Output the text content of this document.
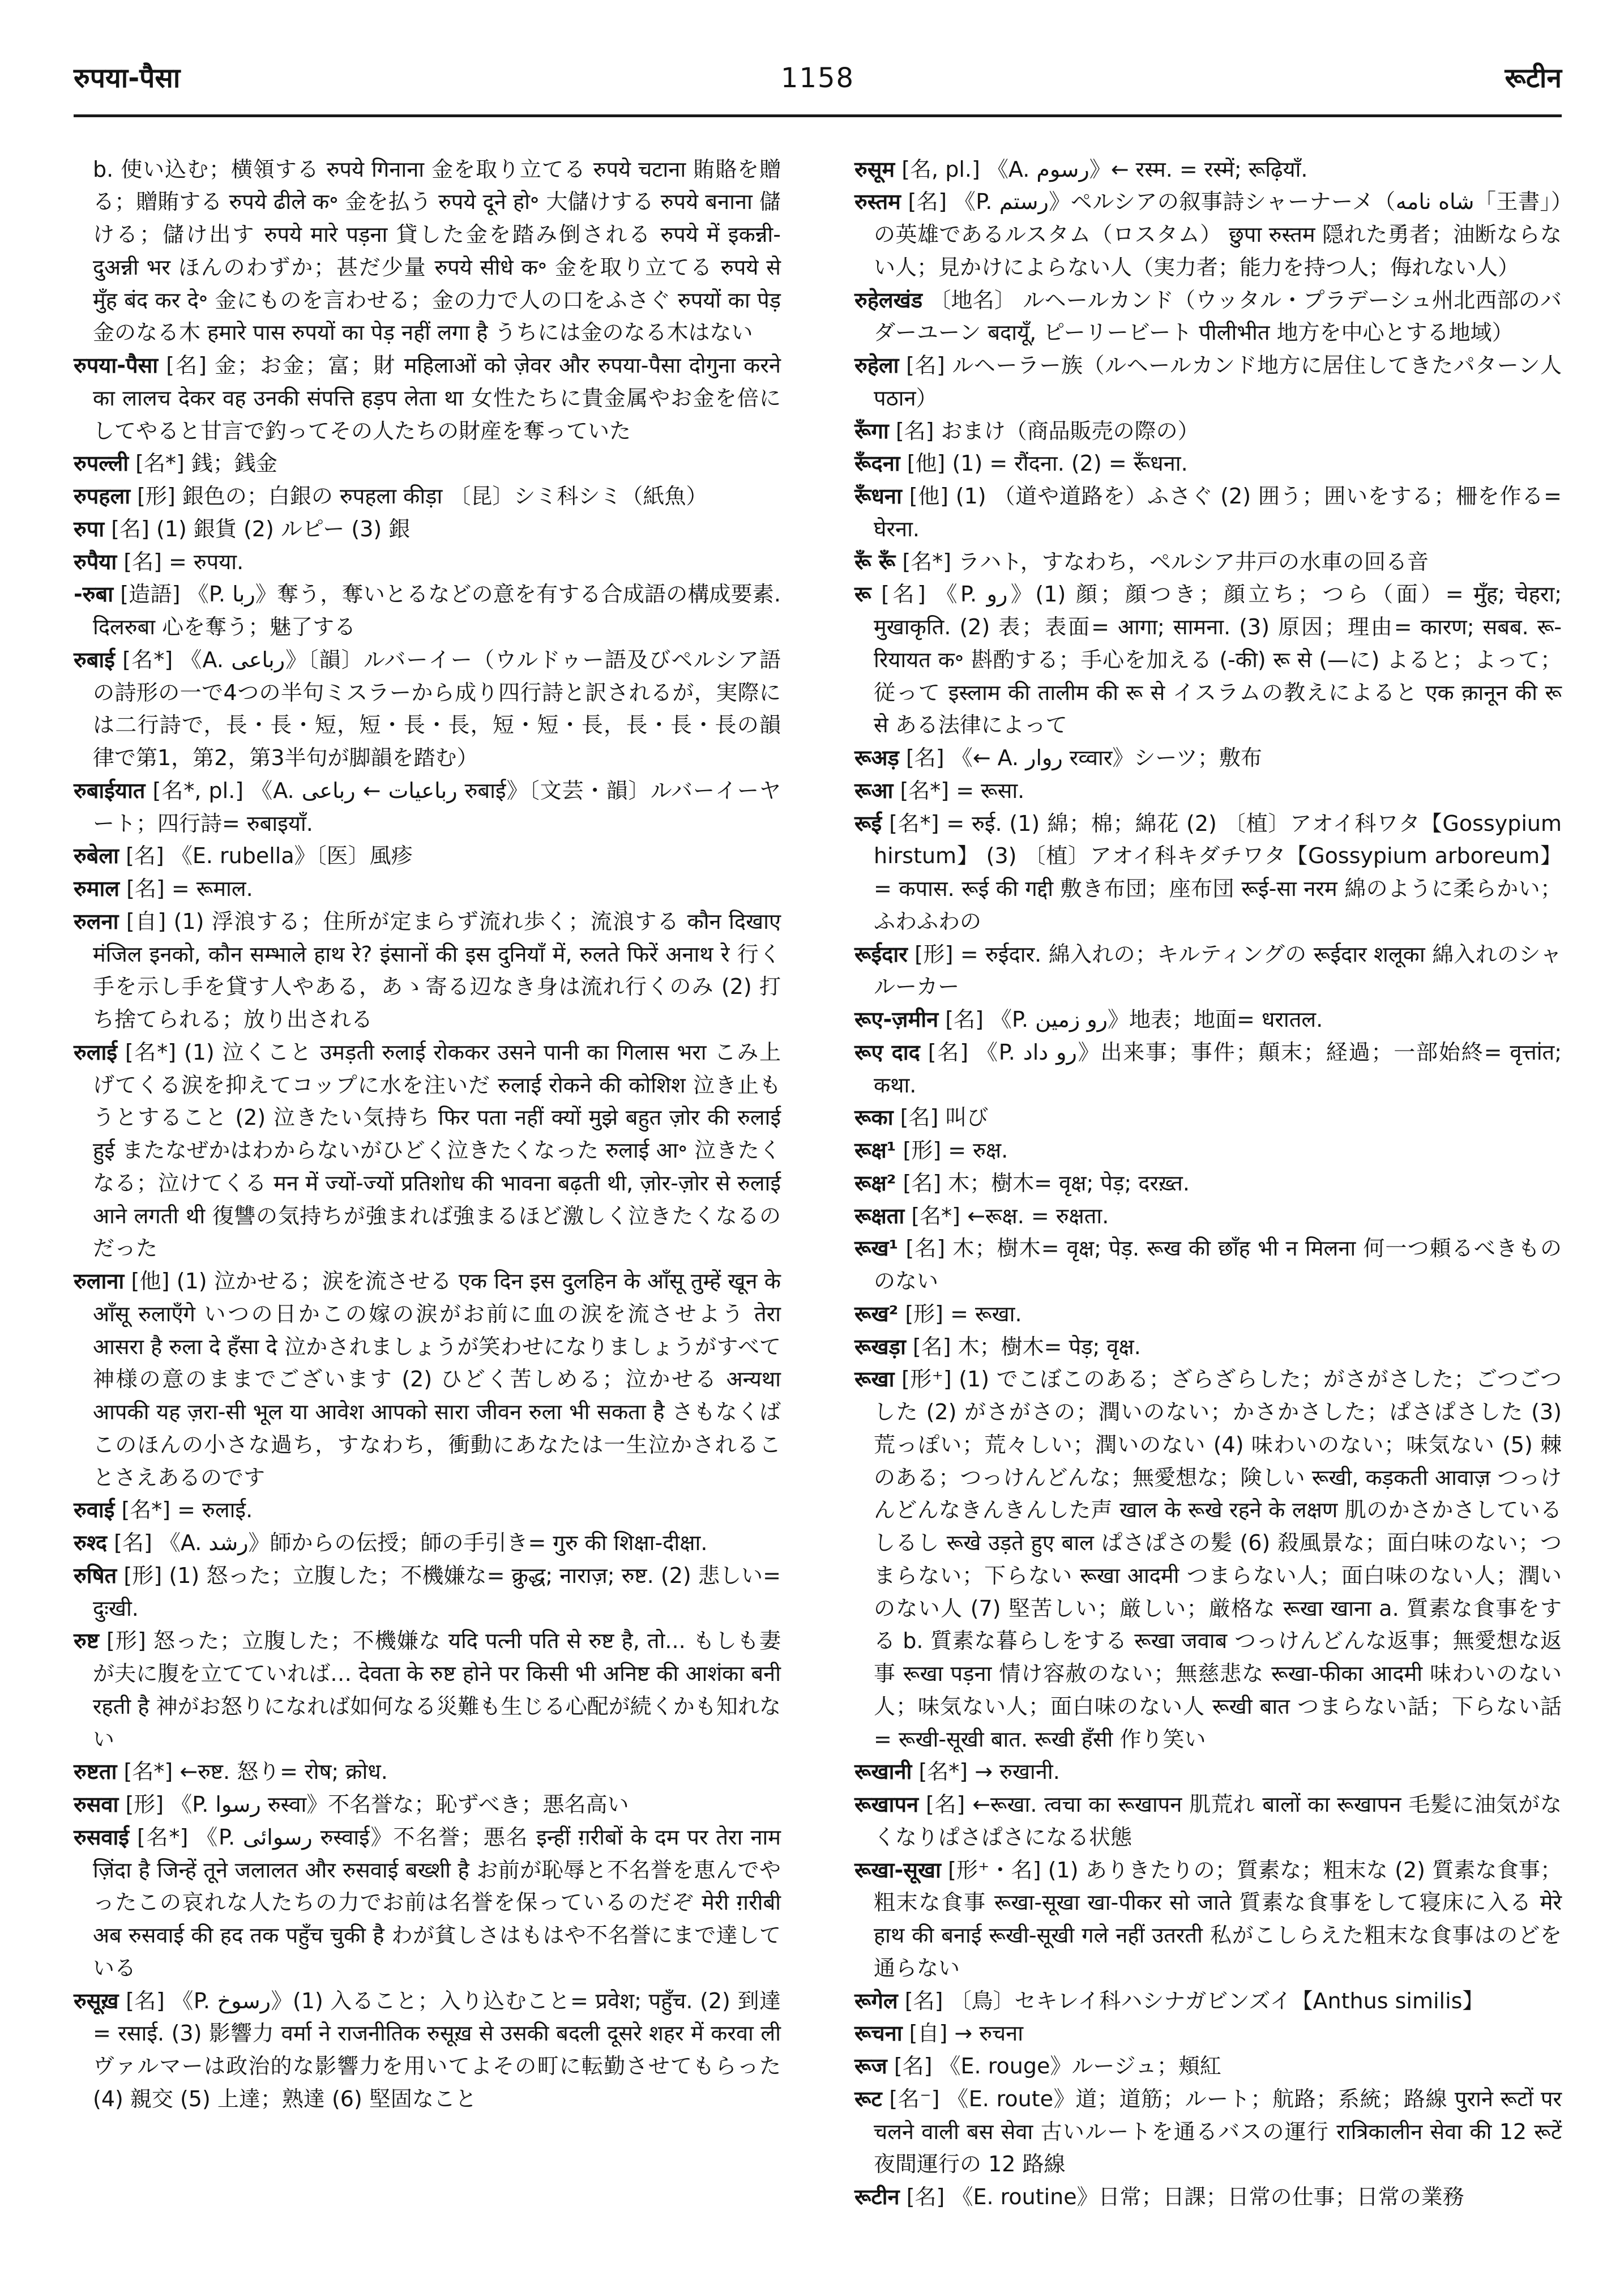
रुपया-पैसा	1158	रूटीन

b. 使い込む；横領する रुपये गिनाना 金を取り立てる रुपये चटाना 賄賂を贈る；贈賄する रुपये ढीले क॰ 金を払う रुपये दूने हो॰ 大儲けする रुपये बनाना 儲ける；儲け出す रुपये मारे पड़ना 貸した金を踏み倒される रुपये में इकन्नी-दुअन्नी भर ほんのわずか；甚だ少量 रुपये सीधे क॰ 金を取り立てる रुपये से मुँह बंद कर दे॰ 金にものを言わせる；金の力で人の口をふさぐ रुपयों का पेड़ 金のなる木 हमारे पास रुपयों का पेड़ नहीं लगा है うちには金のなる木はない

रुपया-पैसा [名] 金；お金；富；財 महिलाओं को ज़ेवर और रुपया-पैसा दोगुना करने का लालच देकर वह उनकी संपत्ति हड़प लेता था 女性たちに貴金属やお金を倍にしてやると甘言で釣ってその人たちの財産を奪っていた

रुपल्ली [名*] 銭；銭金

रुपहला [形] 銀色の；白銀の रुपहला कीड़ा 〔昆〕シミ科シミ（紙魚）

रुपा [名] (1) 銀貨 (2) ルピー (3) 銀

रुपैया [名] = रुपया.

-रुबा [造語] 《P. ربا》奪う，奪いとるなどの意を有する合成語の構成要素. दिलरुबा 心を奪う；魅了する

रुबाई [名*] 《A. رباعى》〔韻〕ルバーイー（ウルドゥー語及びペルシア語の詩形の一で4つの半句ミスラーから成り四行詩と訳されるが，実際には二行詩で，長・長・短，短・長・長，短・短・長，長・長・長の韻律で第1，第2，第3半句が脚韻を踏む）

रुबाईयात [名*, pl.] 《A. رباعيات ← رباعى रुबाई》〔文芸・韻〕ルバーイーヤート；四行詩= रुबाइयाँ.

रुबेला [名] 《E. rubella》〔医〕風疹

रुमाल [名] = रूमाल.

रुलना [自] (1) 浮浪する；住所が定まらず流れ歩く；流浪する कौन दिखाए मंजिल इनको, कौन सम्भाले हाथ रे? इंसानों की इस दुनियाँ में, रुलते फिरें अनाथ रे 行く手を示し手を貸す人やある，あゝ寄る辺なき身は流れ行くのみ (2) 打ち捨てられる；放り出される

रुलाई [名*] (1) 泣くこと उमड़ती रुलाई रोककर उसने पानी का गिलास भरा こみ上げてくる涙を抑えてコップに水を注いだ रुलाई रोकने की कोशिश 泣き止もうとすること (2) 泣きたい気持ち फिर पता नहीं क्यों मुझे बहुत ज़ोर की रुलाई हुई またなぜかはわからないがひどく泣きたくなった रुलाई आ॰ 泣きたくなる；泣けてくる मन में ज्यों-ज्यों प्रतिशोध की भावना बढ़ती थी, ज़ोर-ज़ोर से रुलाई आने लगती थी 復讐の気持ちが強まれば強まるほど激しく泣きたくなるのだった

रुलाना [他] (1) 泣かせる；涙を流させる एक दिन इस दुलहिन के आँसू तुम्हें खून के आँसू रुलाएँगे いつの日かこの嫁の涙がお前に血の涙を流させよう तेरा आसरा है रुला दे हँसा दे 泣かされましょうが笑わせになりましょうがすべて神様の意のままでございます (2) ひどく苦しめる；泣かせる अन्यथा आपकी यह ज़रा-सी भूल या आवेश आपको सारा जीवन रुला भी सकता है さもなくばこのほんの小さな過ち，すなわち，衝動にあなたは一生泣かされることさえあるのです

रुवाई [名*] = रुलाई.

रुश्द [名] 《A. رشد》師からの伝授；師の手引き= गुरु की शिक्षा-दीक्षा.

रुषित [形] (1) 怒った；立腹した；不機嫌な= क्रुद्ध; नाराज़; रुष्ट. (2) 悲しい= दुःखी.

रुष्ट [形] 怒った；立腹した；不機嫌な यदि पत्नी पति से रुष्ट है, तो... もしも妻が夫に腹を立てていれば… देवता के रुष्ट होने पर किसी भी अनिष्ट की आशंका बनी रहती है 神がお怒りになれば如何なる災難も生じる心配が続くかも知れない

रुष्टता [名*] ←रुष्ट. 怒り= रोष; क्रोध.

रुसवा [形] 《P. رسوا रुस्वा》不名誉な；恥ずべき；悪名高い

रुसवाई [名*] 《P. رسوائى रुस्वाई》不名誉；悪名 इन्हीं ग़रीबों के दम पर तेरा नाम ज़िंदा है जिन्हें तूने जलालत और रुसवाई बख्शी है お前が恥辱と不名誉を恵んでやったこの哀れな人たちの力でお前は名誉を保っているのだぞ मेरी ग़रीबी अब रुसवाई की हद तक पहुँच चुकी है わが貧しさはもはや不名誉にまで達している

रुसूख़ [名] 《P. رسوخ》(1) 入ること；入り込むこと= प्रवेश; पहुँच. (2) 到達= रसाई. (3) 影響力 वर्मा ने राजनीतिक रुसूख़ से उसकी बदली दूसरे शहर में करवा ली ヴァルマーは政治的な影響力を用いてよその町に転勤させてもらった (4) 親交 (5) 上達；熟達 (6) 堅固なこと

रुसूम [名, pl.] 《A. رسوم》← रस्म. = रस्में; रूढ़ियाँ.

रुस्तम [名] 《P. رستم》ペルシアの叙事詩シャーナーメ（شاه نامه「王書」）の英雄であるルスタム（ロスタム） छुपा रुस्तम 隠れた勇者；油断ならない人；見かけによらない人（実力者；能力を持つ人；侮れない人）

रुहेलखंड 〔地名〕 ルヘールカンド（ウッタル・プラデーシュ州北西部のバダーユーン बदायूँ, ピーリービート पीलीभीत 地方を中心とする地域）

रुहेला [名] ルヘーラー族（ルヘールカンド地方に居住してきたパターン人 पठान）

रूँगा [名] おまけ（商品販売の際の）

रूँदना [他] (1) = रौंदना. (2) = रूँधना.

रूँधना [他] (1) （道や道路を）ふさぐ (2) 囲う；囲いをする；柵を作る= घेरना.

रूँ रूँ [名*] ラハト，すなわち，ペルシア井戸の水車の回る音

रू [名] 《P. رو》(1) 顔；顔つき；顔立ち；つら（面）= मुँह; चेहरा; मुखाकृति. (2) 表；表面= आगा; सामना. (3) 原因；理由= कारण; सबब. रू-रियायत क॰ 斟酌する；手心を加える (-की) रू से (—に) よると；よって；従って इस्लाम की तालीम की रू से イスラムの教えによると एक क़ानून की रू से ある法律によって

रूअड़ [名] 《← A. روار रव्वार》シーツ；敷布

रूआ [名*] = रूसा.

रूई [名*] = रुई. (1) 綿；棉；綿花 (2) 〔植〕アオイ科ワタ【Gossypium hirstum】 (3) 〔植〕アオイ科キダチワタ【Gossypium arboreum】= कपास. रूई की गद्दी 敷き布団；座布団 रूई-सा नरम 綿のように柔らかい；ふわふわの

रूईदार [形] = रुईदार. 綿入れの；キルティングの रूईदार शलूका 綿入れのシャルーカー

रूए-ज़मीन [名] 《P. رو زمين》地表；地面= धरातल.

रूए दाद [名] 《P. رو داد》出来事；事件；顛末；経過；一部始終= वृत्तांत; कथा.

रूका [名] 叫び

रूक्ष¹ [形] = रुक्ष.

रूक्ष² [名] 木；樹木= वृक्ष; पेड़; दरख़्त.

रूक्षता [名*] ←रूक्ष. = रुक्षता.

रूख¹ [名] 木；樹木= वृक्ष; पेड़. रूख की छाँह भी न मिलना 何一つ頼るべきもののない

रूख² [形] = रूखा.

रूखड़ा [名] 木；樹木= पेड़; वृक्ष.

रूखा [形⁺] (1) でこぼこのある；ざらざらした；がさがさした；ごつごつした (2) がさがさの；潤いのない；かさかさした；ぱさぱさした (3) 荒っぽい；荒々しい；潤いのない (4) 味わいのない；味気ない (5) 棘のある；つっけんどんな；無愛想な；険しい रूखी, कड़कती आवाज़ つっけんどんなきんきんした声 खाल के रूखे रहने के लक्षण 肌のかさかさしているしるし रूखे उड़ते हुए बाल ぱさぱさの髪 (6) 殺風景な；面白味のない；つまらない；下らない रूखा आदमी つまらない人；面白味のない人；潤いのない人 (7) 堅苦しい；厳しい；厳格な रूखा खाना a. 質素な食事をする b. 質素な暮らしをする रूखा जवाब つっけんどんな返事；無愛想な返事 रूखा पड़ना 情け容赦のない；無慈悲な रूखा-फीका आदमी 味わいのない人；味気ない人；面白味のない人 रूखी बात つまらない話；下らない話= रूखी-सूखी बात. रूखी हँसी 作り笑い

रूखानी [名*] → रुखानी.

रूखापन [名] ←रूखा. त्वचा का रूखापन 肌荒れ बालों का रूखापन 毛髪に油気がなくなりぱさぱさになる状態

रूखा-सूखा [形⁺・名] (1) ありきたりの；質素な；粗末な (2) 質素な食事；粗末な食事 रूखा-सूखा खा-पीकर सो जाते 質素な食事をして寝床に入る मेरे हाथ की बनाई रूखी-सूखी गले नहीं उतरती 私がこしらえた粗末な食事はのどを通らない

रूगेल [名] 〔鳥〕セキレイ科ハシナガビンズイ【Anthus similis】

रूचना [自] → रुचना

रूज [名] 《E. rouge》ルージュ；頬紅

रूट [名⁻] 《E. route》道；道筋；ルート；航路；系統；路線 पुराने रूटों पर चलने वाली बस सेवा 古いルートを通るバスの運行 रात्रिकालीन सेवा की 12 रूटें 夜間運行の 12 路線

रूटीन [名] 《E. routine》日常；日課；日常の仕事；日常の業務
